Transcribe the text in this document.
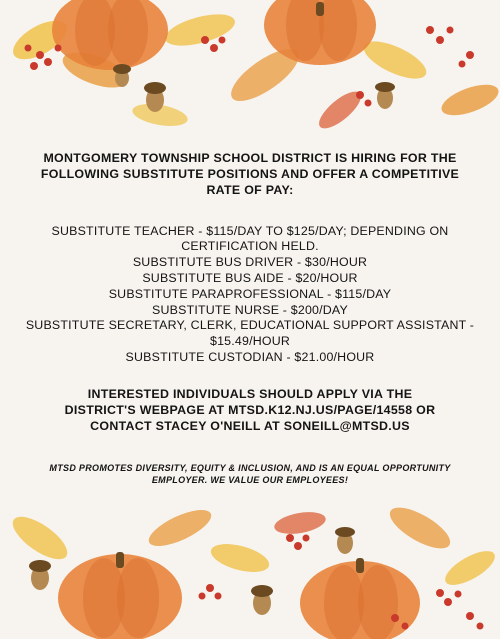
MONTGOMERY TOWNSHIP SCHOOL DISTRICT IS HIRING FOR THE FOLLOWING SUBSTITUTE POSITIONS AND OFFER A COMPETITIVE RATE OF PAY:

SUBSTITUTE TEACHER - $115/DAY TO $125/DAY; DEPENDING ON CERTIFICATION HELD.
SUBSTITUTE BUS DRIVER - $30/HOUR
SUBSTITUTE BUS AIDE - $20/HOUR
SUBSTITUTE PARAPROFESSIONAL - $115/DAY
SUBSTITUTE NURSE - $200/DAY
SUBSTITUTE SECRETARY, CLERK, EDUCATIONAL SUPPORT ASSISTANT - $15.49/HOUR
SUBSTITUTE CUSTODIAN - $21.00/HOUR

INTERESTED INDIVIDUALS SHOULD APPLY VIA THE
DISTRICT'S WEBPAGE AT MTSD.K12.NJ.US/PAGE/14558 OR
CONTACT STACEY O'NEILL AT SONEILL@MTSD.US

MTSD PROMOTES DIVERSITY, EQUITY & INCLUSION, AND IS AN EQUAL OPPORTUNITY EMPLOYER. WE VALUE OUR EMPLOYEES!
